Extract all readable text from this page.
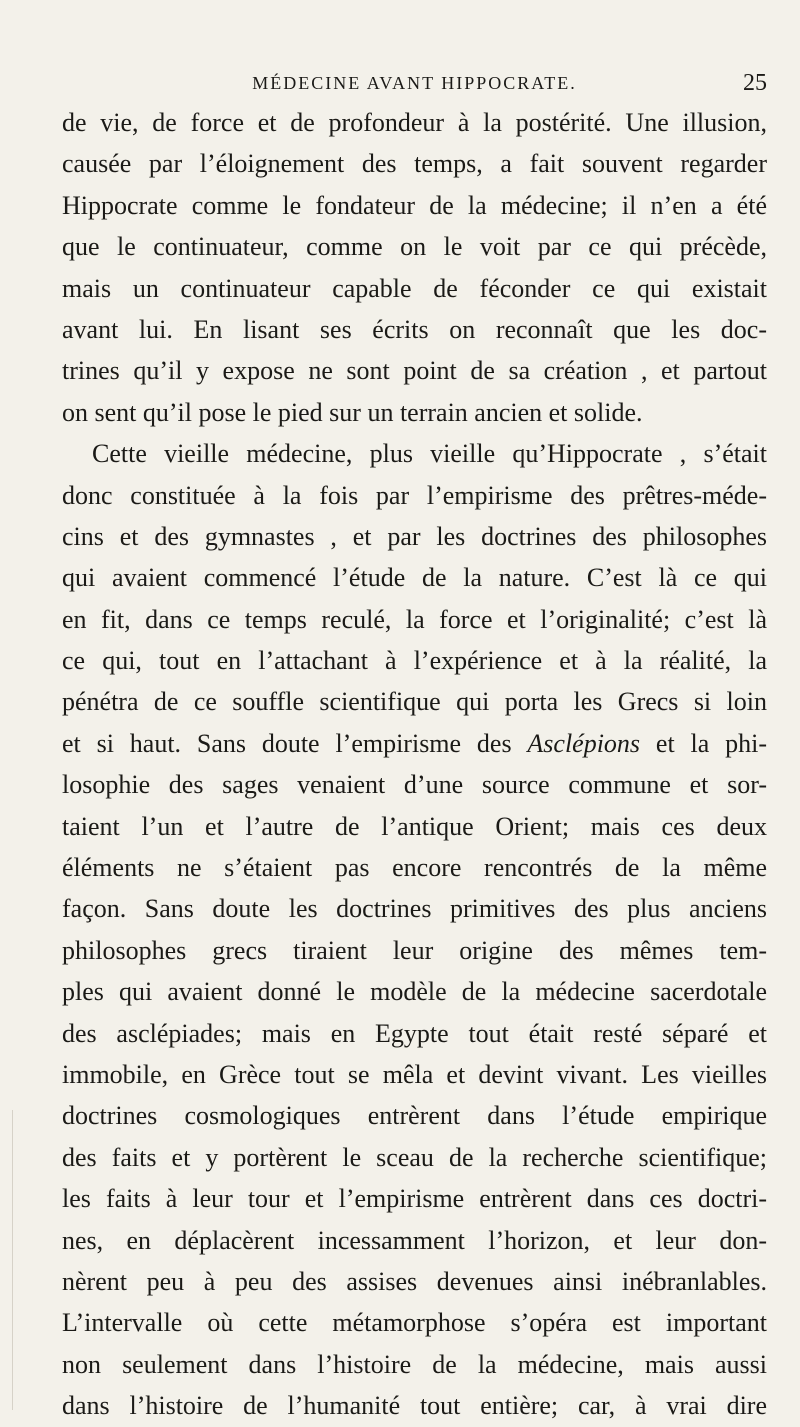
MÉDECINE AVANT HIPPOCRATE.	25
de vie, de force et de profondeur à la postérité. Une illusion,
causée par l’éloignement des temps, a fait souvent regarder
Hippocrate comme le fondateur de la médecine; il n’en a été
que le continuateur, comme on le voit par ce qui précède,
mais un continuateur capable de féconder ce qui existait
avant lui. En lisant ses écrits on reconnaît que les doc-
trines qu’il y expose ne sont point de sa création , et partout
on sent qu’il pose le pied sur un terrain ancien et solide.
Cette vieille médecine, plus vieille qu’Hippocrate , s’était
donc constituée à la fois par l’empirisme des prêtres-méde-
cins et des gymnastes , et par les doctrines des philosophes
qui avaient commencé l’étude de la nature. C’est là ce qui
en fit, dans ce temps reculé, la force et l’originalité; c’est là
ce qui, tout en l’attachant à l’expérience et à la réalité, la
pénétra de ce souffle scientifique qui porta les Grecs si loin
et si haut. Sans doute l’empirisme des Asclépions et la phi-
losophie des sages venaient d’une source commune et sor-
taient l’un et l’autre de l’antique Orient; mais ces deux
éléments ne s’étaient pas encore rencontrés de la même
façon. Sans doute les doctrines primitives des plus anciens
philosophes grecs tiraient leur origine des mêmes tem-
ples qui avaient donné le modèle de la médecine sacerdotale
des asclépiades; mais en Egypte tout était resté séparé et
immobile, en Grèce tout se mêla et devint vivant. Les vieilles
doctrines cosmologiques entrèrent dans l’étude empirique
des faits et y portèrent le sceau de la recherche scientifique;
les faits à leur tour et l’empirisme entrèrent dans ces doctri-
nes, en déplacèrent incessamment l’horizon, et leur don-
nèrent peu à peu des assises devenues ainsi inébranlables.
L’intervalle où cette métamorphose s’opéra est important
non seulement dans l’histoire de la médecine, mais aussi
dans l’histoire de l’humanité tout entière; car, à vrai dire
